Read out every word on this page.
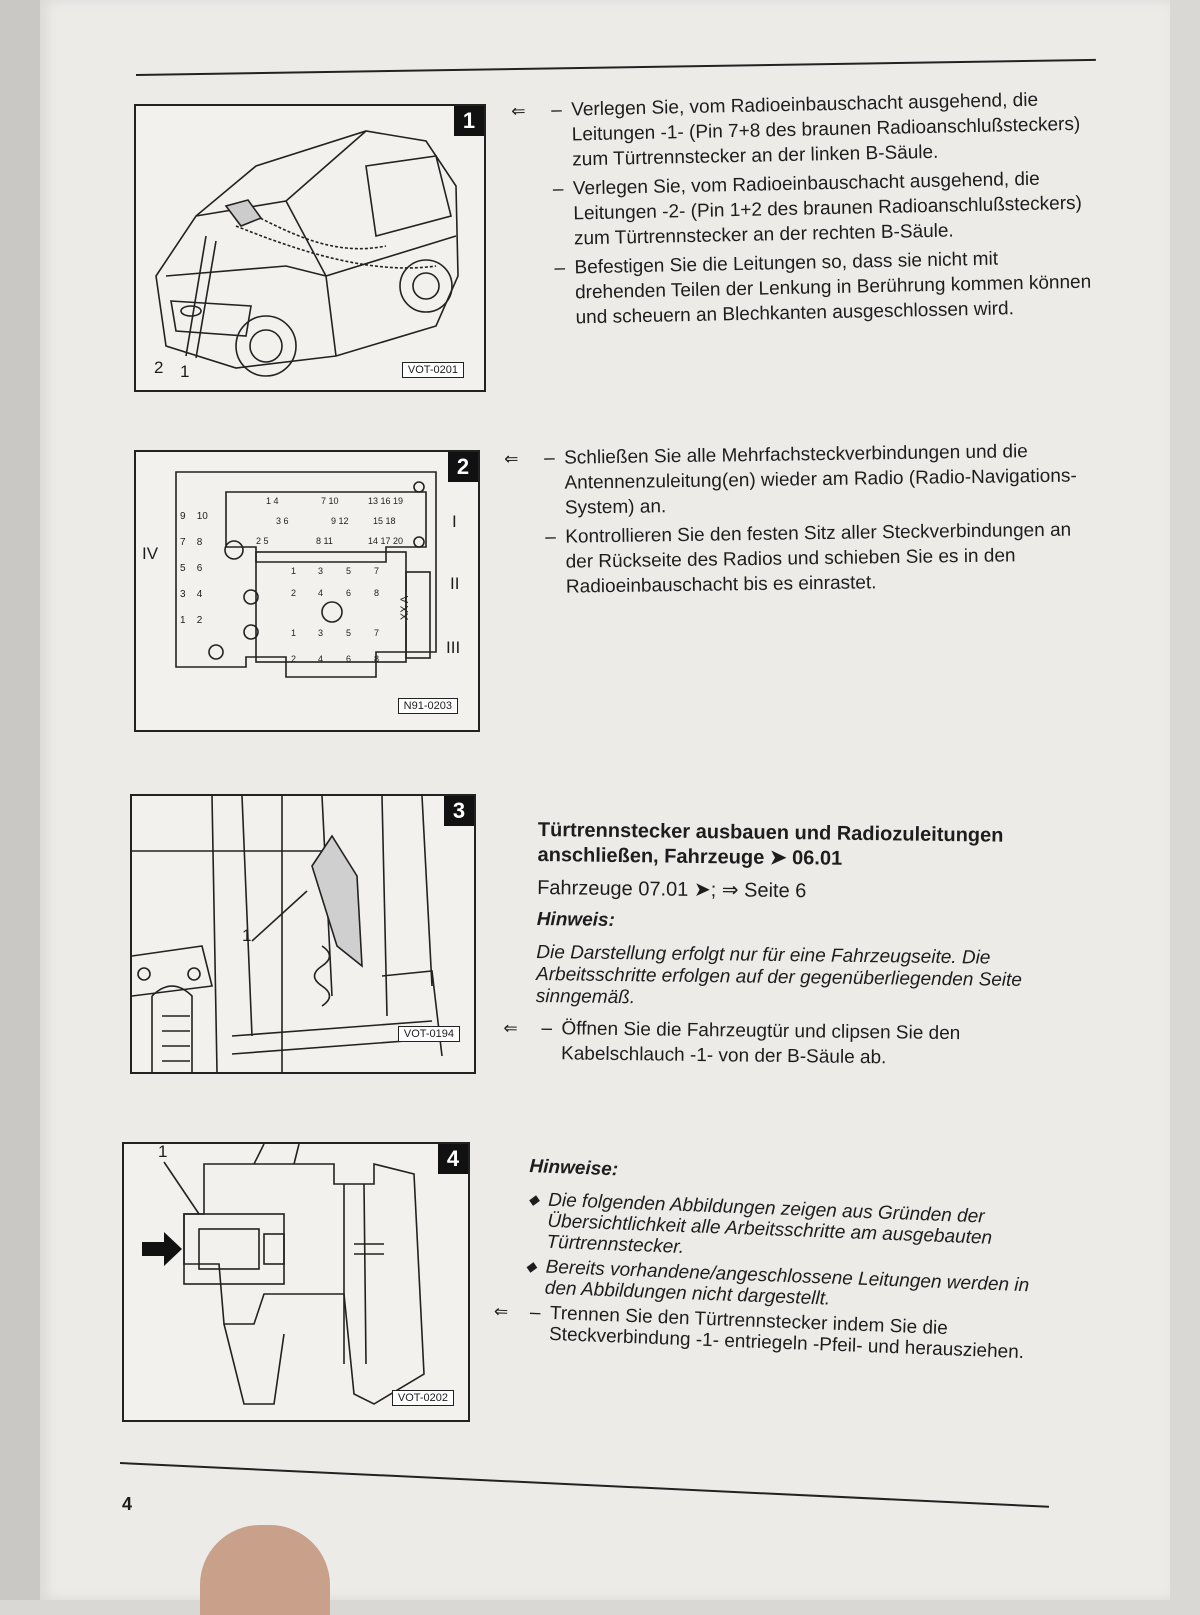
2 1
1
VOT-0201
⇐ – Verlegen Sie, vom Radioeinbauschacht ausgehend, die Leitungen -1- (Pin 7+8 des braunen Radioanschlußsteckers) zum Türtrennstecker an der linken B-Säule.
– Verlegen Sie, vom Radioeinbauschacht ausgehend, die Leitungen -2- (Pin 1+2 des braunen Radioanschlußsteckers) zum Türtrennstecker an der rechten B-Säule.
– Befestigen Sie die Leitungen so, dass sie nicht mit drehenden Teilen der Lenkung in Berührung kommen können und scheuern an Blechkanten ausgeschlossen wird.
1 4	7 10	13 16 19
3 6	9 12	15 18
2 5	8 11	14 17 20
1 3	5	7
2 4	6	8
1 3	5	7
2 4	6	8
9 10
7 8
5 6
3 4
1 2
IV
I
II
III
XX A
2
N91-0203
⇐ – Schließen Sie alle Mehrfachsteckverbindungen und die Antennenzuleitung(en) wieder am Radio (Radio-Navigations-System) an.
– Kontrollieren Sie den festen Sitz aller Steckverbindungen an der Rückseite des Radios und schieben Sie es in den Radioeinbauschacht bis es einrastet.
1
3
VOT-0194
Türtrennstecker ausbauen und Radiozuleitungen
anschließen, Fahrzeuge ➤ 06.01
Fahrzeuge 07.01 ➤; ⇒ Seite 6
Hinweis:
Die Darstellung erfolgt nur für eine Fahrzeugseite. Die Arbeitsschritte erfolgen auf der gegenüberliegenden Seite sinngemäß.
⇐ – Öffnen Sie die Fahrzeugtür und clipsen Sie den Kabelschlauch -1- von der B-Säule ab.
1	4
VOT-0202
Hinweise:
◆ Die folgenden Abbildungen zeigen aus Gründen der Übersichtlichkeit alle Arbeitsschritte am ausgebauten Türtrennstecker.
◆ Bereits vorhandene/angeschlossene Leitungen werden in den Abbildungen nicht dargestellt.
⇐ – Trennen Sie den Türtrennstecker indem Sie die Steckverbindung -1- entriegeln -Pfeil- und herausziehen.
4
